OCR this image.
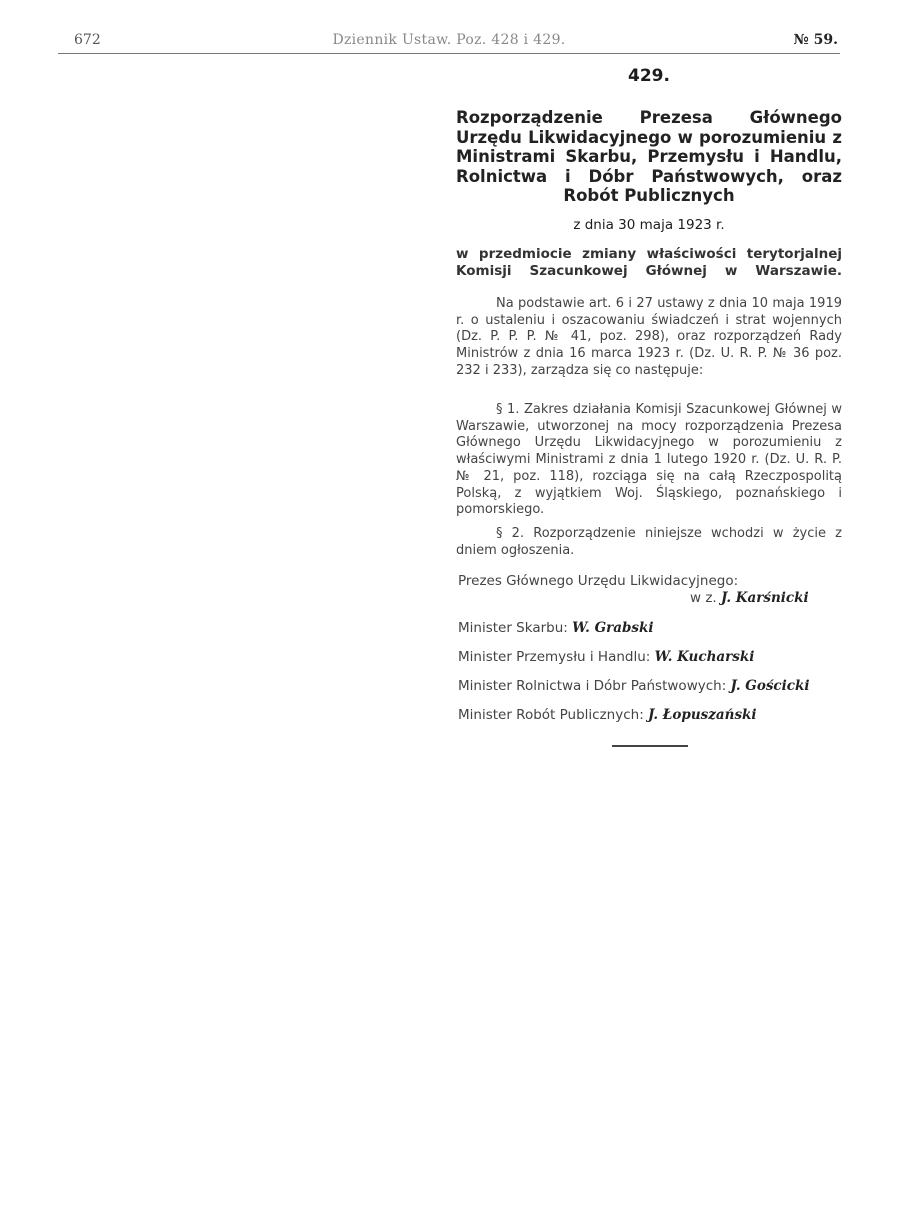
672	Dziennik Ustaw. Poz. 428 i 429.	№ 59.
429.
Rozporządzenie Prezesa Głównego Urzędu Likwidacyjnego w porozumieniu z Ministrami Skarbu, Przemysłu i Handlu, Rolnictwa i Dóbr Państwowych, oraz Robót Publicznych
z dnia 30 maja 1923 r.
w przedmiocie zmiany właściwości terytorjalnej Komisji Szacunkowej Głównej w Warszawie.
Na podstawie art. 6 i 27 ustawy z dnia 10 maja 1919 r. o ustaleniu i oszacowaniu świadczeń i strat wojennych (Dz. P. P. P. № 41, poz. 298), oraz rozporządzeń Rady Ministrów z dnia 16 marca 1923 r. (Dz. U. R. P. № 36 poz. 232 i 233), zarządza się co następuje:
§ 1. Zakres działania Komisji Szacunkowej Głównej w Warszawie, utworzonej na mocy rozporządzenia Prezesa Głównego Urzędu Likwidacyjnego w porozumieniu z właściwymi Ministrami z dnia 1 lutego 1920 r. (Dz. U. R. P. № 21, poz. 118), rozciąga się na całą Rzeczpospolitą Polską, z wyjątkiem Woj. Śląskiego, poznańskiego i pomorskiego.
§ 2. Rozporządzenie niniejsze wchodzi w życie z dniem ogłoszenia.
Prezes Głównego Urzędu Likwidacyjnego:
w z. J. Karśnicki
Minister Skarbu: W. Grabski
Minister Przemysłu i Handlu: W. Kucharski
Minister Rolnictwa i Dóbr Państwowych: J. Gościcki
Minister Robót Publicznych: J. Łopuszański
